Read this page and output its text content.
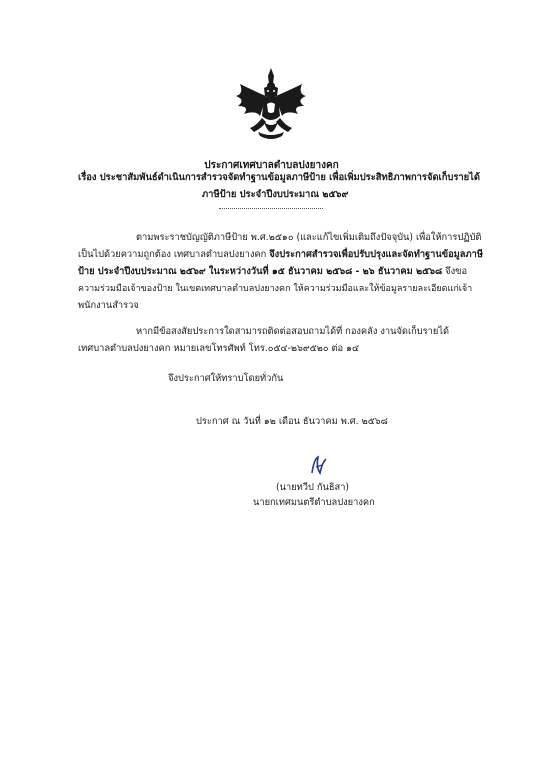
ประกาศเทศบาลตำบลปงยางคก
เรื่อง ประชาสัมพันธ์ดำเนินการสำรวจจัดทำฐานข้อมูลภาษีป้าย เพื่อเพิ่มประสิทธิภาพการจัดเก็บรายได้
ภาษีป้าย ประจำปีงบประมาณ ๒๕๖๙
ตามพระราชบัญญัติภาษีป้าย พ.ศ.๒๕๑๐ (และแก้ไขเพิ่มเติมถึงปัจจุบัน) เพื่อให้การปฏิบัติ
เป็นไปด้วยความถูกต้อง เทศบาลตำบลปงยางคก จึงประกาศสำรวจเพื่อปรับปรุงและจัดทำฐานข้อมูลภาษี
ป้าย ประจำปีงบประมาณ ๒๕๖๙ ในระหว่างวันที่ ๑๕ ธันวาคม ๒๕๖๘ - ๒๖ ธันวาคม ๒๕๖๘ จึงขอ
ความร่วมมือเจ้าของป้าย ในเขตเทศบาลตำบลปงยางคก ให้ความร่วมมือและให้ข้อมูลรายละเอียดแก่เจ้า
พนักงานสำรวจ
หากมีข้อสงสัยประการใดสามารถติดต่อสอบถามได้ที่ กองคลัง งานจัดเก็บรายได้
เทศบาลตำบลปงยางคก หมายเลขโทรศัพท์ โทร.๐๕๔-๒๖๙๕๒๐ ต่อ ๑๔
จึงประกาศให้ทราบโดยทั่วกัน
ประกาศ ณ วันที่ ๑๒ เดือน ธันวาคม พ.ศ. ๒๕๖๘
(นายทวีป กันธิสา)
นายกเทศมนตรีตำบลปงยางคก
